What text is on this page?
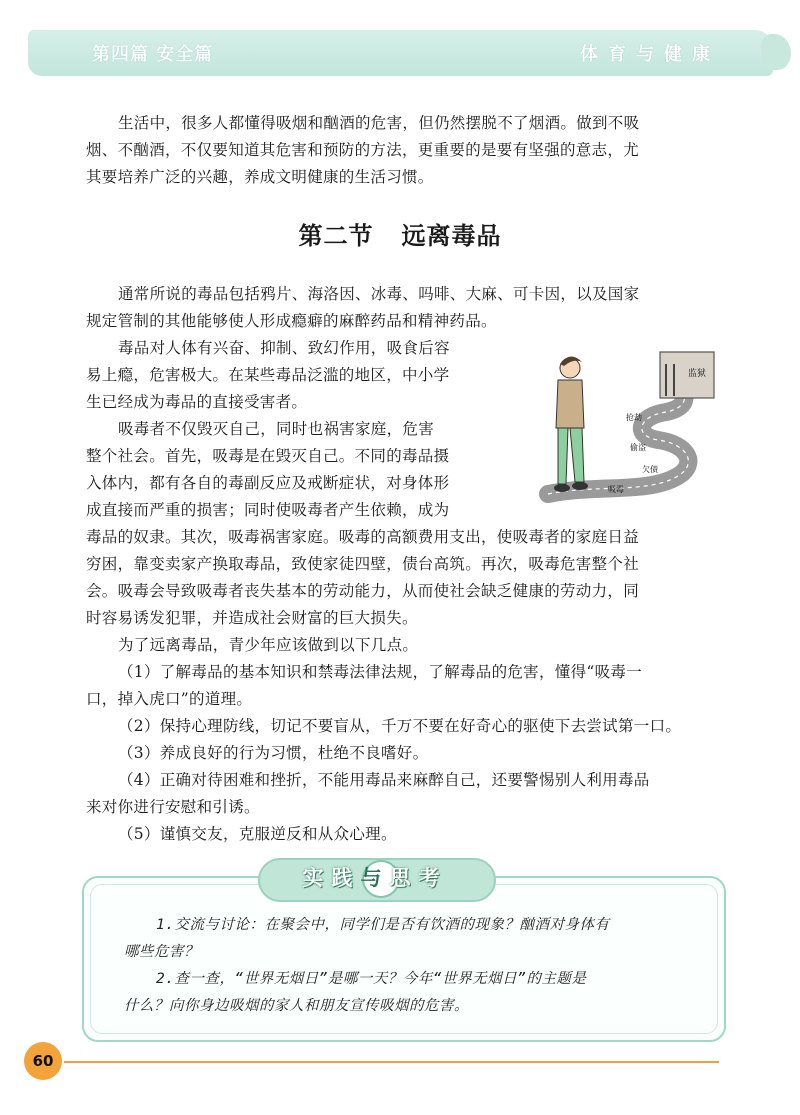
第四篇 安全篇	体育与健康

生活中，很多人都懂得吸烟和酗酒的危害，但仍然摆脱不了烟酒。做到不吸

烟、不酗酒，不仅要知道其危害和预防的方法，更重要的是要有坚强的意志，尤

其要培养广泛的兴趣，养成文明健康的生活习惯。

第二节 远离毒品

通常所说的毒品包括鸦片、海洛因、冰毒、吗啡、大麻、可卡因，以及国家

规定管制的其他能够使人形成瘾癖的麻醉药品和精神药品。

毒品对人体有兴奋、抑制、致幻作用，吸食后容

易上瘾，危害极大。在某些毒品泛滥的地区，中小学

生已经成为毒品的直接受害者。

吸毒者不仅毁灭自己，同时也祸害家庭，危害

整个社会。首先，吸毒是在毁灭自己。不同的毒品摄

入体内，都有各自的毒副反应及戒断症状，对身体形

成直接而严重的损害；同时使吸毒者产生依赖，成为

毒品的奴隶。其次，吸毒祸害家庭。吸毒的高额费用支出，使吸毒者的家庭日益

穷困，靠变卖家产换取毒品，致使家徒四壁，债台高筑。再次，吸毒危害整个社

会。吸毒会导致吸毒者丧失基本的劳动能力，从而使社会缺乏健康的劳动力，同

时容易诱发犯罪，并造成社会财富的巨大损失。

为了远离毒品，青少年应该做到以下几点。

（1）了解毒品的基本知识和禁毒法律法规，了解毒品的危害，懂得“吸毒一

口，掉入虎口”的道理。

（2）保持心理防线，切记不要盲从，千万不要在好奇心的驱使下去尝试第一口。

（3）养成良好的行为习惯，杜绝不良嗜好。

（4）正确对待困难和挫折，不能用毒品来麻醉自己，还要警惕别人利用毒品

来对你进行安慰和引诱。

（5）谨慎交友，克服逆反和从众心理。

监狱
抢劫
偷盗
欠债
吸毒
实践与思考

1.交流与讨论：在聚会中，同学们是否有饮酒的现象？酗酒对身体有

哪些危害？

2.查一查，“世界无烟日”是哪一天？今年“世界无烟日”的主题是

什么？向你身边吸烟的家人和朋友宣传吸烟的危害。

60
